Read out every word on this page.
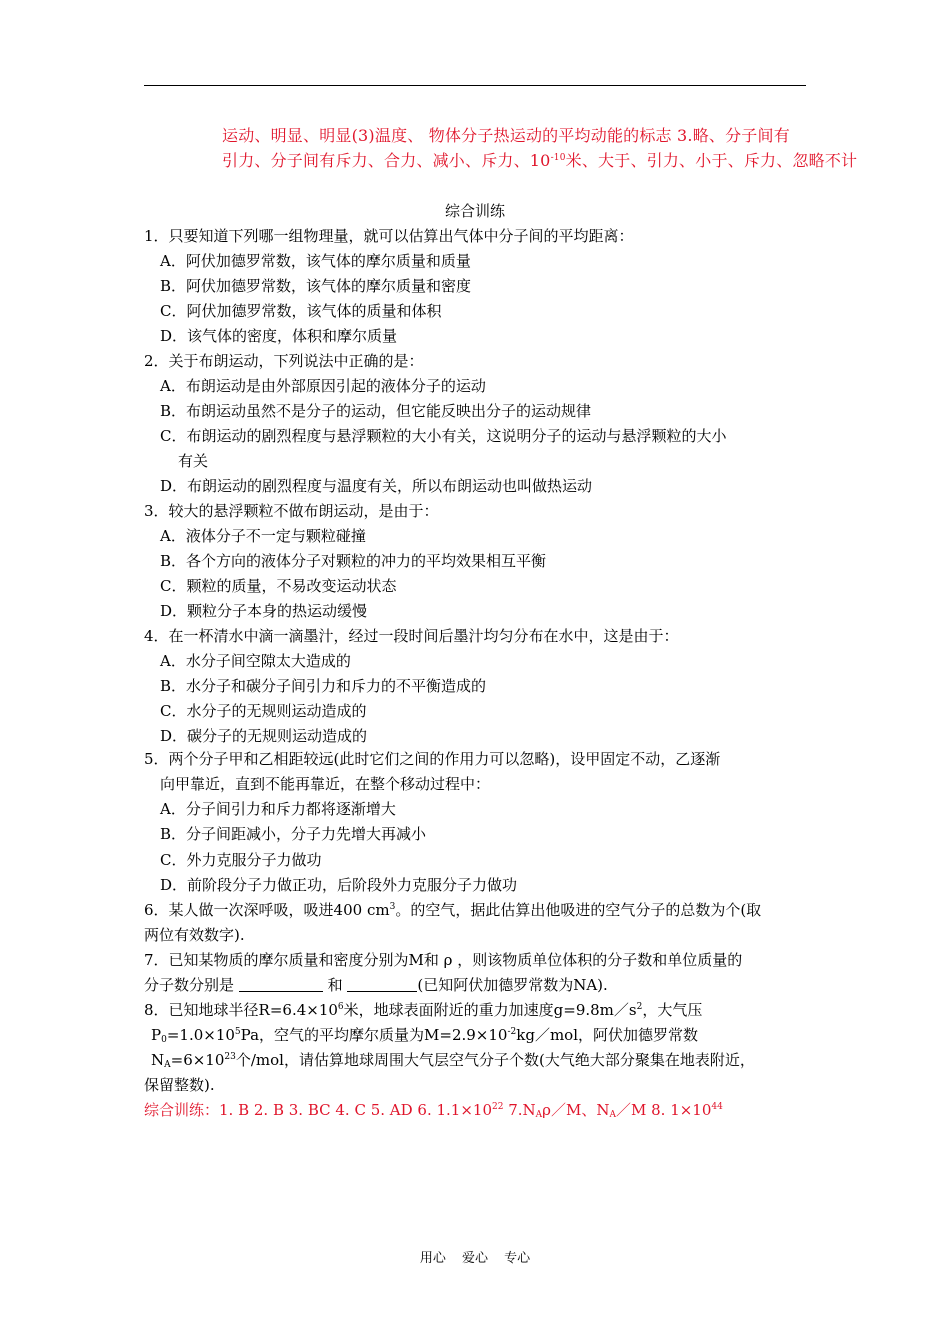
运动、明显、明显(3)温度、 物体分子热运动的平均动能的标志 3.略、分子间有
引力、分子间有斥力、合力、减小、斥力、$10^{-10}$米、大于、引力、小于、斥力、忽略不计
综合训练
1．只要知道下列哪一组物理量，就可以估算出气体中分子间的平均距离：
A．阿伏加德罗常数，该气体的摩尔质量和质量
B．阿伏加德罗常数，该气体的摩尔质量和密度
C．阿伏加德罗常数，该气体的质量和体积
D．该气体的密度，体积和摩尔质量
2．关于布朗运动，下列说法中正确的是：
A．布朗运动是由外部原因引起的液体分子的运动
B．布朗运动虽然不是分子的运动，但它能反映出分子的运动规律
C．布朗运动的剧烈程度与悬浮颗粒的大小有关，这说明分子的运动与悬浮颗粒的大小
有关
D．布朗运动的剧烈程度与温度有关，所以布朗运动也叫做热运动
3．较大的悬浮颗粒不做布朗运动，是由于：
A．液体分子不一定与颗粒碰撞
B．各个方向的液体分子对颗粒的冲力的平均效果相互平衡
C．颗粒的质量，不易改变运动状态
D．颗粒分子本身的热运动缓慢
4．在一杯清水中滴一滴墨汁，经过一段时间后墨汁均匀分布在水中，这是由于：
A．水分子间空隙太大造成的
B．水分子和碳分子间引力和斥力的不平衡造成的
C．水分子的无规则运动造成的
D．碳分子的无规则运动造成的
5．两个分子甲和乙相距较远(此时它们之间的作用力可以忽略)，设甲固定不动，乙逐渐
向甲靠近，直到不能再靠近，在整个移动过程中：
A．分子间引力和斥力都将逐渐增大
B．分子间距减小，分子力先增大再减小
C．外力克服分子力做功
D．前阶段分子力做正功，后阶段外力克服分子力做功
6．某人做一次深呼吸，吸进400 $cm^3$。的空气，据此估算出他吸进的空气分子的总数为个(取
两位有效数字).
7．已知某物质的摩尔质量和密度分别为M和 ρ ，则该物质单位体积的分子数和单位质量的
分子数分别是	和	(已知阿伏加德罗常数为NA).
8．已知地球半径$R=6.4\times 10^6$米，地球表面附近的重力加速度$g=9.8m/s^2$，大气压
$P_0=1.0\times 10^5Pa$，空气的平均摩尔质量为$M=2.9\times 10^{-2}kg/mol$，阿伏加德罗常数
$N_A=6\times 10^{23}$个/mol，请估算地球周围大气层空气分子个数(大气绝大部分聚集在地表附近，
保留整数).
综合训练：1. B 2. B 3. BC 4. C 5. AD 6. $1.1\times 10^{22}$ $7.N_A\rho/M$、$N_A/M$ 8. $1\times 10^{44}$
用心 爱心 专心
